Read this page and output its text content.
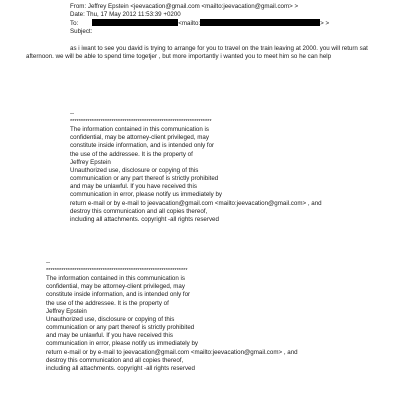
From: Jeffrey Epstein <jeevacation@gmail.com <mailto:jeevacation@gmail.com> >
Date: Thu, 17 May 2012 11:53:39 +0200
To:	<mailto:	> >
Subject:
as i iwant to see you david is trying to arrange for you to travel on the train leaving at 2000. you will return sat afternoon. we will be able to spend time togetjer , but more importantly i wanted you to meet him so he can help
--
*****************************************************************
The information contained in this communication is
confidential, may be attorney-client privileged, may
constitute inside information, and is intended only for
the use of the addressee. It is the property of
Jeffrey Epstein
Unauthorized use, disclosure or copying of this
communication or any part thereof is strictly prohibited
and may be unlawful. If you have received this
communication in error, please notify us immediately by
return e-mail or by e-mail to jeevacation@gmail.com <mailto:jeevacation@gmail.com> , and
destroy this communication and all copies thereof,
including all attachments. copyright -all rights reserved
--
*****************************************************************
The information contained in this communication is
confidential, may be attorney-client privileged, may
constitute inside information, and is intended only for
the use of the addressee. It is the property of
Jeffrey Epstein
Unauthorized use, disclosure or copying of this
communication or any part thereof is strictly prohibited
and may be unlawful. If you have received this
communication in error, please notify us immediately by
return e-mail or by e-mail to jeevacation@gmail.com <mailto:jeevacation@gmail.com> , and
destroy this communication and all copies thereof,
including all attachments. copyright -all rights reserved
